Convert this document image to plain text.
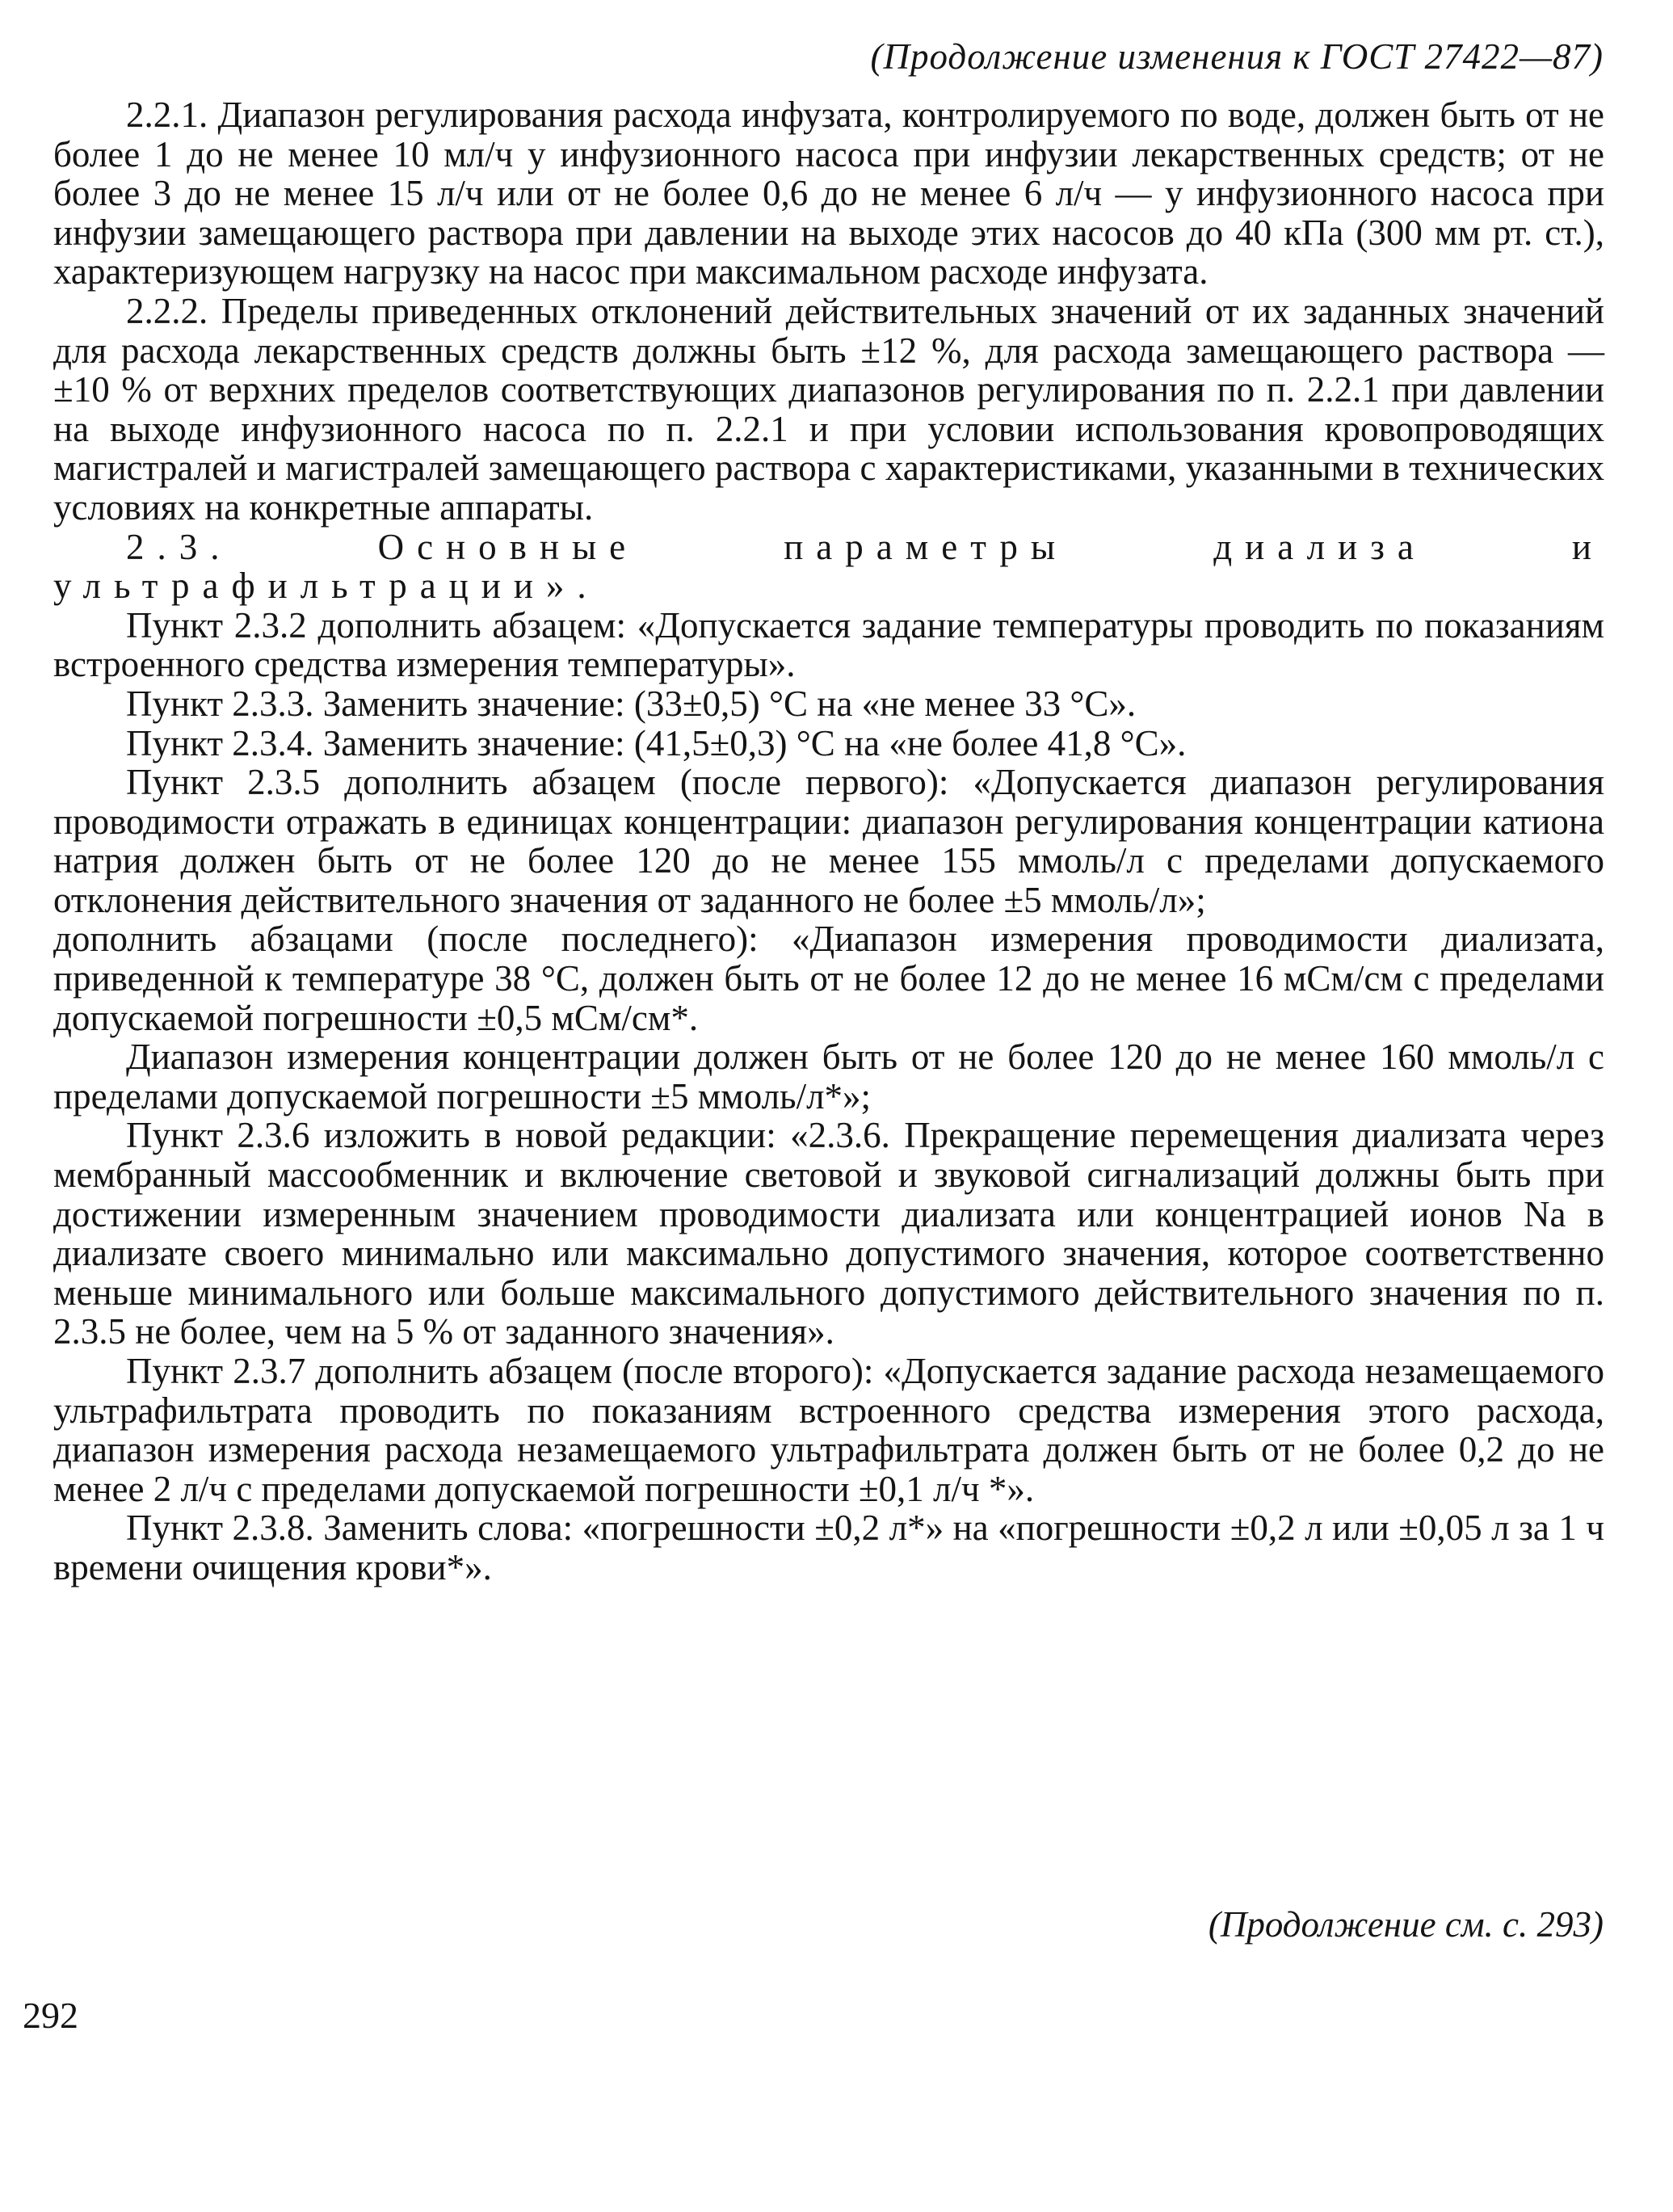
(Продолжение изменения к ГОСТ 27422—87)

2.2.1. Диапазон регулирования расхода инфузата, контролируемого по воде, должен быть от не более 1 до не менее 10 мл/ч у инфузионного насоса при инфузии лекарственных средств; от не более 3 до не менее 15 л/ч или от не более 0,6 до не менее 6 л/ч — у инфузионного насоса при инфузии замещающего раствора при давлении на выходе этих насосов до 40 кПа (300 мм рт. ст.), характеризующем нагрузку на насос при максимальном расходе инфузата.

2.2.2. Пределы приведенных отклонений действительных значений от их заданных значений для расхода лекарственных средств должны быть ±12 %, для расхода замещающего раствора — ±10 % от верхних пределов соответствующих диапазонов регулирования по п. 2.2.1 при давлении на выходе инфузионного насоса по п. 2.2.1 и при условии использования кровопроводящих магистралей и магистралей замещающего раствора с характеристиками, указанными в технических условиях на конкретные аппараты.

2.3. Основные параметры диализа и ультрафильтрации».

Пункт 2.3.2 дополнить абзацем: «Допускается задание температуры проводить по показаниям встроенного средства измерения температуры».

Пункт 2.3.3. Заменить значение: (33±0,5) °C на «не менее 33 °C».

Пункт 2.3.4. Заменить значение: (41,5±0,3) °C на «не более 41,8 °C».

Пункт 2.3.5 дополнить абзацем (после первого): «Допускается диапазон регулирования проводимости отражать в единицах концентрации: диапазон регулирования концентрации катиона натрия должен быть от не более 120 до не менее 155 ммоль/л с пределами допускаемого отклонения действительного значения от заданного не более ±5 ммоль/л»;

дополнить абзацами (после последнего): «Диапазон измерения проводимости диализата, приведенной к температуре 38 °C, должен быть от не более 12 до не менее 16 мСм/см с пределами допускаемой погрешности ±0,5 мСм/см*.

Диапазон измерения концентрации должен быть от не более 120 до не менее 160 ммоль/л с пределами допускаемой погрешности ±5 ммоль/л*»;

Пункт 2.3.6 изложить в новой редакции: «2.3.6. Прекращение перемещения диализата через мембранный массообменник и включение световой и звуковой сигнализаций должны быть при достижении измеренным значением проводимости диализата или концентрацией ионов Na в диализате своего минимально или максимально допустимого значения, которое соответственно меньше минимального или больше максимального допустимого действительного значения по п. 2.3.5 не более, чем на 5 % от заданного значения».

Пункт 2.3.7 дополнить абзацем (после второго): «Допускается задание расхода незамещаемого ультрафильтрата проводить по показаниям встроенного средства измерения этого расхода, диапазон измерения расхода незамещаемого ультрафильтрата должен быть от не более 0,2 до не менее 2 л/ч с пределами допускаемой погрешности ±0,1 л/ч *».

Пункт 2.3.8. Заменить слова: «погрешности ±0,2 л*» на «погрешности ±0,2 л или ±0,05 л за 1 ч времени очищения крови*».

(Продолжение см. с. 293)
292
